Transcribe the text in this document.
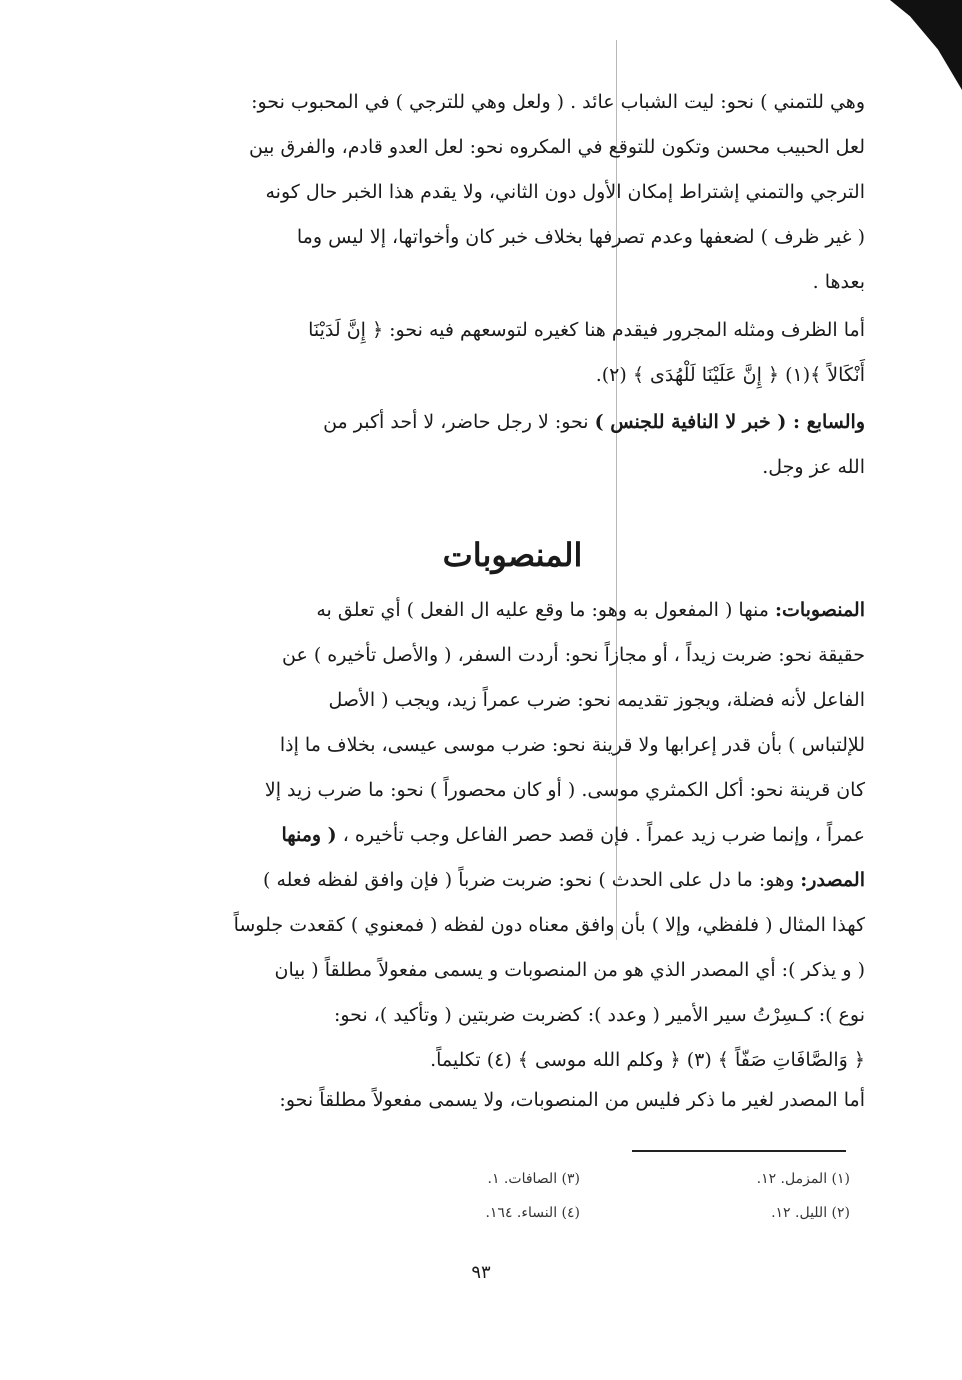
وهي للتمني ) نحو: ليت الشباب عائد . ( ولعل وهي للترجي ) في المحبوب نحو:

لعل الحبيب محسن وتكون للتوقع في المكروه نحو: لعل العدو قادم، والفرق بين

الترجي والتمني إشتراط إمكان الأول دون الثاني، ولا يقدم هذا الخبر حال كونه

( غير ظرف ) لضعفها وعدم تصرفها بخلاف خبر كان وأخواتها، إلا ليس وما

بعدها .

أما الظرف ومثله المجرور فيقدم هنا كغيره لتوسعهم فيه نحو: ﴿ إِنَّ لَدَيْنَا

أَنْكَالاً ﴾(١) ﴿ إِنَّ عَلَيْنَا لَلْهُدَى ﴾ (٢).

والسابع : ( خبر لا النافية للجنس ) نحو: لا رجل حاضر، لا أحد أكبر من

الله عز وجل.

المنصوبات

المنصوبات: منها ( المفعول به وهو: ما وقع عليه ال الفعل ) أي تعلق به

حقيقة نحو: ضربت زيداً ، أو مجازاً نحو: أردت السفر، ( والأصل تأخيره ) عن

الفاعل لأنه فضلة، ويجوز تقديمه نحو: ضرب عمراً زيد، ويجب ( الأصل

للإلتباس ) بأن قدر إعرابها ولا قرينة نحو: ضرب موسى عيسى، بخلاف ما إذا

كان قرينة نحو: أكل الكمثري موسى. ( أو كان محصوراً ) نحو: ما ضرب زيد إلا

عمراً ، وإنما ضرب زيد عمراً . فإن قصد حصر الفاعل وجب تأخيره ، ( ومنها

المصدر: وهو: ما دل على الحدث ) نحو: ضربت ضرباً ( فإن وافق لفظه فعله )

كهذا المثال ( فلفظي، وإلا ) بأن وافق معناه دون لفظه ( فمعنوي ) كقعدت جلوساً

( و يذكر ): أي المصدر الذي هو من المنصوبات و يسمى مفعولاً مطلقاً ( بيان

نوع ): كـسِرْتُ سير الأمير ( وعدد ): كضربت ضربتين ( وتأكيد )، نحو:

﴿ وَالصَّافَاتِ صَفّاً ﴾ (٣) ﴿ وكلم الله موسى ﴾ (٤) تكليماً.

أما المصدر لغير ما ذكر فليس من المنصوبات، ولا يسمى مفعولاً مطلقاً نحو:

(١) المزمل. ١٢.
(٢) الليل. ١٢.
(٣) الصافات. ١.
(٤) النساء. ١٦٤.
٩٣
